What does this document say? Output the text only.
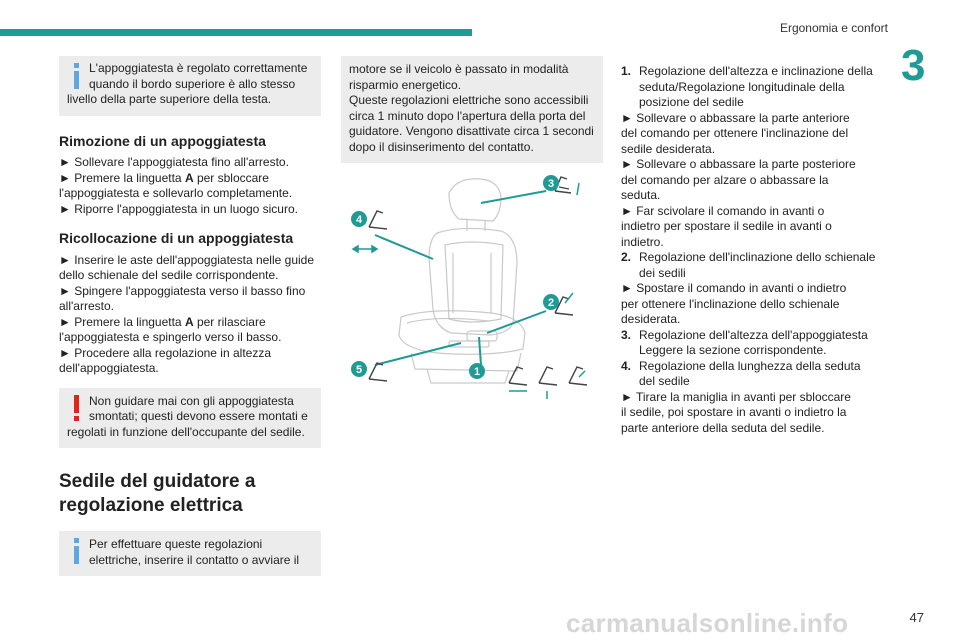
Ergonomia e confort
3
L'appoggiatesta è regolato correttamente
quando il bordo superiore è allo stesso
livello della parte superiore della testa.
Rimozione di un appoggiatesta

► Sollevare l'appoggiatesta fino all'arresto.

► Premere la linguetta A per sbloccare

l'appoggiatesta e sollevarlo completamente.

► Riporre l'appoggiatesta in un luogo sicuro.

Ricollocazione di un appoggiatesta

► Inserire le aste dell'appoggiatesta nelle guide

dello schienale del sedile corrispondente.

► Spingere l'appoggiatesta verso il basso fino

all'arresto.

► Premere la linguetta A per rilasciare

l'appoggiatesta e spingerlo verso il basso.

► Procedere alla regolazione in altezza

dell'appoggiatesta.

Non guidare mai con gli appoggiatesta
smontati; questi devono essere montati e
regolati in funzione dell'occupante del sedile.
Sedile del guidatore a
regolazione elettrica
Per effettuare queste regolazioni
elettriche, inserire il contatto o avviare il
motore se il veicolo è passato in modalità
risparmio energetico.
Queste regolazioni elettriche sono accessibili
circa 1 minuto dopo l'apertura della porta del
guidatore. Vengono disattivate circa 1 secondi
dopo il disinserimento del contatto.
3
4
2
1
5
1. Regolazione dell'altezza e inclinazione della
seduta/Regolazione longitudinale della
posizione del sedile
► Sollevare o abbassare la parte anteriore
del comando per ottenere l'inclinazione del
sedile desiderata.
► Sollevare o abbassare la parte posteriore
del comando per alzare o abbassare la
seduta.
► Far scivolare il comando in avanti o
indietro per spostare il sedile in avanti o
indietro.
2. Regolazione dell'inclinazione dello schienale
dei sedili
► Spostare il comando in avanti o indietro
per ottenere l'inclinazione dello schienale
desiderata.
3. Regolazione dell'altezza dell'appoggiatesta
Leggere la sezione corrispondente.
4. Regolazione della lunghezza della seduta
del sedile
► Tirare la maniglia in avanti per sbloccare
il sedile, poi spostare in avanti o indietro la
parte anteriore della seduta del sedile.
carmanualsonline.info	47
